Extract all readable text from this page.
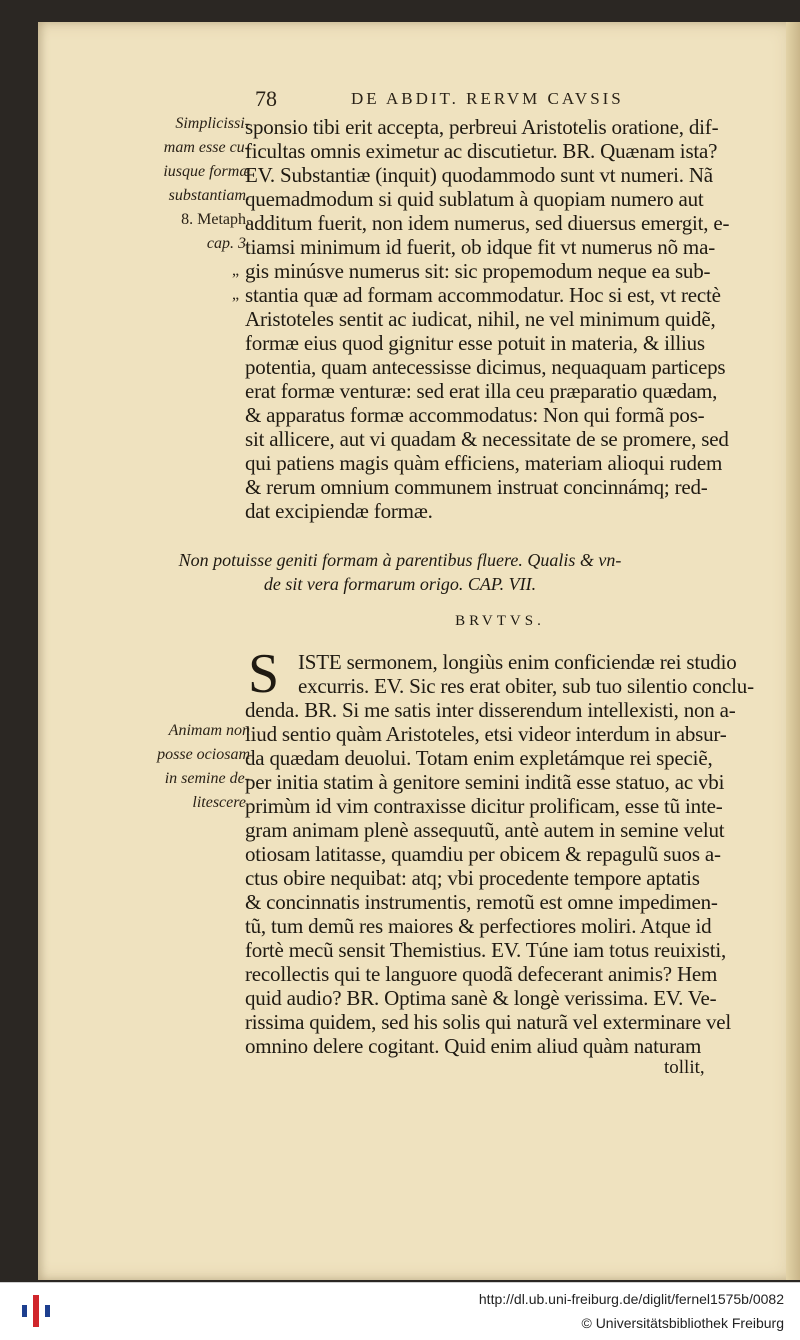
78	DE ABDIT. RERVM CAVSIS
Simplicissi-
mam esse cu-
iusque formæ
substantiam.
8. Metaph.
cap. 3.
„
„
sponsio tibi erit accepta, perbreui Aristotelis oratione, dif-
ficultas omnis eximetur ac discutietur. BR. Quænam ista?
EV. Substantiæ (inquit) quodammodo sunt vt numeri. Nã
quemadmodum si quid sublatum à quopiam numero aut
additum fuerit, non idem numerus, sed diuersus emergit, e-
tiamsi minimum id fuerit, ob idque fit vt numerus nõ ma-
gis minúsve numerus sit: sic propemodum neque ea sub-
stantia quæ ad formam accommodatur. Hoc si est, vt rectè
Aristoteles sentit ac iudicat, nihil, ne vel minimum quidẽ,
formæ eius quod gignitur esse potuit in materia, & illius
potentia, quam antecessisse dicimus, nequaquam particeps
erat formæ venturæ: sed erat illa ceu præparatio quædam,
& apparatus formæ accommodatus: Non qui formã pos-
sit allicere, aut vi quadam & necessitate de se promere, sed
qui patiens magis quàm efficiens, materiam alioqui rudem
& rerum omnium communem instruat concinnámq; red-
dat excipiendæ formæ.
Non potuisse geniti formam à parentibus fluere. Qualis & vn-
de sit vera formarum origo. CAP. VII.
BRVTVS.
S ISTE sermonem, longiùs enim conficiendæ rei studio
excurris. EV. Sic res erat obiter, sub tuo silentio conclu-
denda. BR. Si me satis inter disserendum intellexisti, non a-
liud sentio quàm Aristoteles, etsi videor interdum in absur-
da quædam deuolui. Totam enim expletámque rei speciẽ,
per initia statim à genitore semini inditã esse statuo, ac vbi
primùm id vim contraxisse dicitur prolificam, esse tũ inte-
gram animam plenè assequutũ, antè autem in semine velut
otiosam latitasse, quamdiu per obicem & repagulũ suos a-
ctus obire nequibat: atq; vbi procedente tempore aptatis
& concinnatis instrumentis, remotũ est omne impedimen-
tũ, tum demũ res maiores & perfectiores moliri. Atque id
fortè mecũ sensit Themistius. EV. Túne iam totus reuixisti,
recollectis qui te languore quodã defecerant animis? Hem
quid audio? BR. Optima sanè & longè verissima. EV. Ve-
rissima quidem, sed his solis qui naturã vel exterminare vel
omnino delere cogitant. Quid enim aliud quàm naturam
Animam non
posse ociosam
in semine de-
litescere.
tollit,
http://dl.ub.uni-freiburg.de/diglit/fernel1575b/0082
© Universitätsbibliothek Freiburg
